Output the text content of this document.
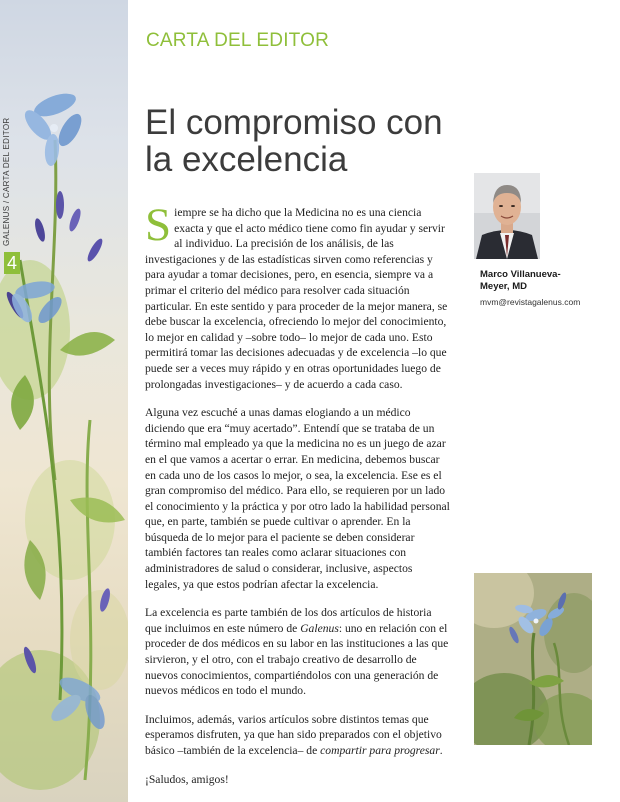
GALENUS / CARTA DEL EDITOR
4
CARTA DEL EDITOR
El compromiso con la excelencia

Siempre se ha dicho que la Medicina no es una ciencia exacta y que el acto médico tiene como fin ayudar y servir al individuo. La precisión de los análisis, de las investigaciones y de las estadísticas sirven como referencias y para ayudar a tomar decisiones, pero, en esencia, siempre va a primar el criterio del médico para resolver cada situación particular. En este sentido y para proceder de la mejor manera, se debe buscar la excelencia, ofreciendo lo mejor del conocimiento, lo mejor en calidad y –sobre todo– lo mejor de cada uno. Esto permitirá tomar las decisiones adecuadas y de excelencia –lo que puede ser a veces muy rápido y en otras oportunidades luego de prolongadas investigaciones– y de acuerdo a cada caso.

Alguna vez escuché a unas damas elogiando a un médico diciendo que era “muy acertado”. Entendí que se trataba de un término mal empleado ya que la medicina no es un juego de azar en el que vamos a acertar o errar. En medicina, debemos buscar en cada uno de los casos lo mejor, o sea, la excelencia. Ese es el gran compromiso del médico. Para ello, se requieren por un lado el conocimiento y la práctica y por otro lado la habilidad personal que, en parte, también se puede cultivar o aprender. En la búsqueda de lo mejor para el paciente se deben considerar también factores tan reales como aclarar situaciones con administradores de salud o considerar, inclusive, aspectos legales, ya que estos podrían afectar la excelencia.

La excelencia es parte también de los dos artículos de historia que incluimos en este número de Galenus: uno en relación con el proceder de dos médicos en su labor en las instituciones a las que sirvieron, y el otro, con el trabajo creativo de desarrollo de nuevos conocimientos, compartiéndolos con una generación de nuevos médicos en todo el mundo.

Incluimos, además, varios artículos sobre distintos temas que esperamos disfruten, ya que han sido preparados con el objetivo básico –también de la excelencia– de compartir para progresar.

¡Saludos, amigos!

Marco Villanueva-Meyer, MD
mvm@revistagalenus.com
